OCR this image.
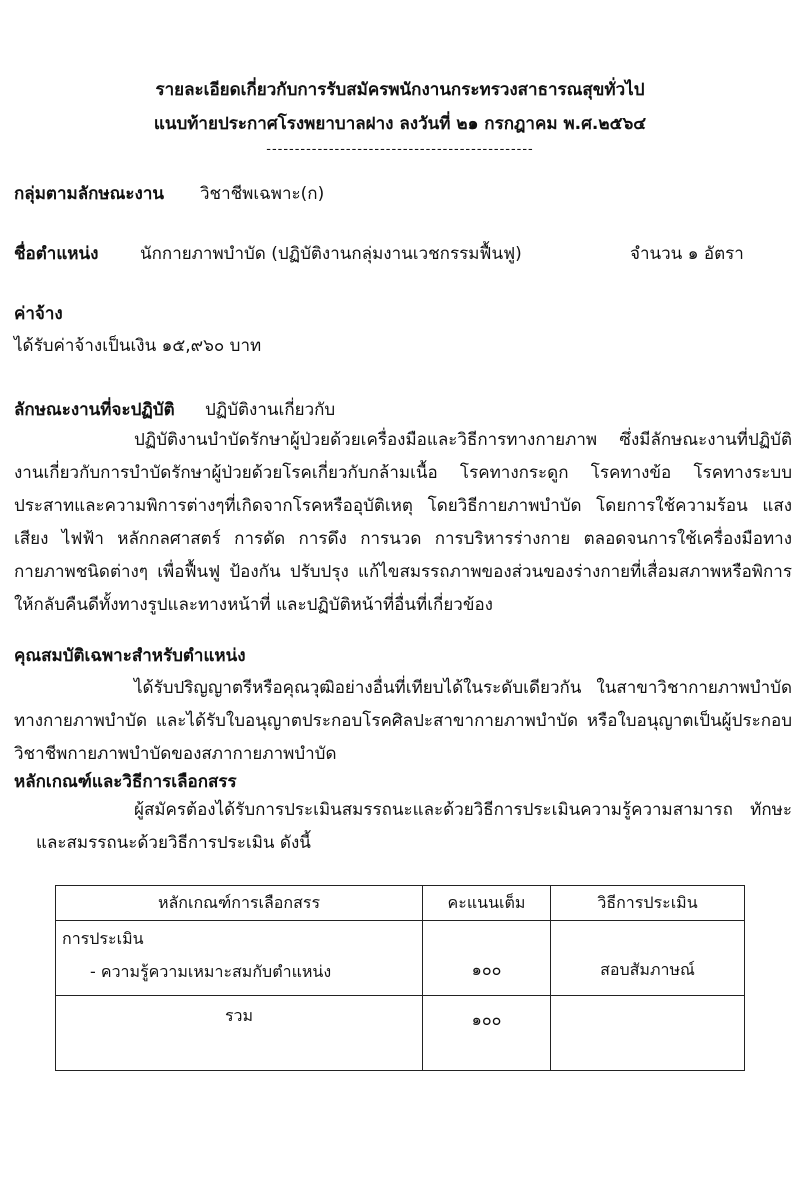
รายละเอียดเกี่ยวกับการรับสมัครพนักงานกระทรวงสาธารณสุขทั่วไป
แนบท้ายประกาศโรงพยาบาลฝาง ลงวันที่ ๒๑ กรกฎาคม พ.ศ.๒๕๖๔
-----------------------------------------------
กลุ่มตามลักษณะงาน วิชาชีพเฉพาะ(ก)
ชื่อตำแหน่ง นักกายภาพบำบัด (ปฏิบัติงานกลุ่มงานเวชกรรมฟื้นฟู)	จำนวน ๑ อัตรา
ค่าจ้าง
ได้รับค่าจ้างเป็นเงิน ๑๕,๙๖๐ บาท
ลักษณะงานที่จะปฏิบัติ ปฏิบัติงานเกี่ยวกับ
ปฏิบัติงานบำบัดรักษาผู้ป่วยด้วยเครื่องมือและวิธีการทางกายภาพ ซึ่งมีลักษณะงานที่ปฏิบัติงานเกี่ยวกับการบำบัดรักษาผู้ป่วยด้วยโรคเกี่ยวกับกล้ามเนื้อ โรคทางกระดูก โรคทางข้อ โรคทางระบบประสาทและความพิการต่างๆที่เกิดจากโรคหรืออุบัติเหตุ โดยวิธีกายภาพบำบัด โดยการใช้ความร้อน แสง เสียง ไฟฟ้า หลักกลศาสตร์ การดัด การดึง การนวด การบริหารร่างกาย ตลอดจนการใช้เครื่องมือทางกายภาพชนิดต่างๆ เพื่อฟื้นฟู ป้องกัน ปรับปรุง แก้ไขสมรรถภาพของส่วนของร่างกายที่เสื่อมสภาพหรือพิการให้กลับคืนดีทั้งทางรูปและทางหน้าที่ และปฏิบัติหน้าที่อื่นที่เกี่ยวข้อง
คุณสมบัติเฉพาะสำหรับตำแหน่ง
ได้รับปริญญาตรีหรือคุณวุฒิอย่างอื่นที่เทียบได้ในระดับเดียวกัน ในสาขาวิชากายภาพบำบัดทางกายภาพบำบัด และได้รับใบอนุญาตประกอบโรคศิลปะสาขากายภาพบำบัด หรือใบอนุญาตเป็นผู้ประกอบวิชาชีพกายภาพบำบัดของสภากายภาพบำบัด
หลักเกณฑ์และวิธีการเลือกสรร
ผู้สมัครต้องได้รับการประเมินสมรรถนะและด้วยวิธีการประเมินความรู้ความสามารถ ทักษะ และสมรรถนะด้วยวิธีการประเมิน ดังนี้
หลักเกณฑ์การเลือกสรร	คะแนนเต็ม	วิธีการประเมิน

การประเมิน
- ความรู้ความเหมาะสมกับตำแหน่ง	๑๐๐	สอบสัมภาษณ์
รวม	๑๐๐	
